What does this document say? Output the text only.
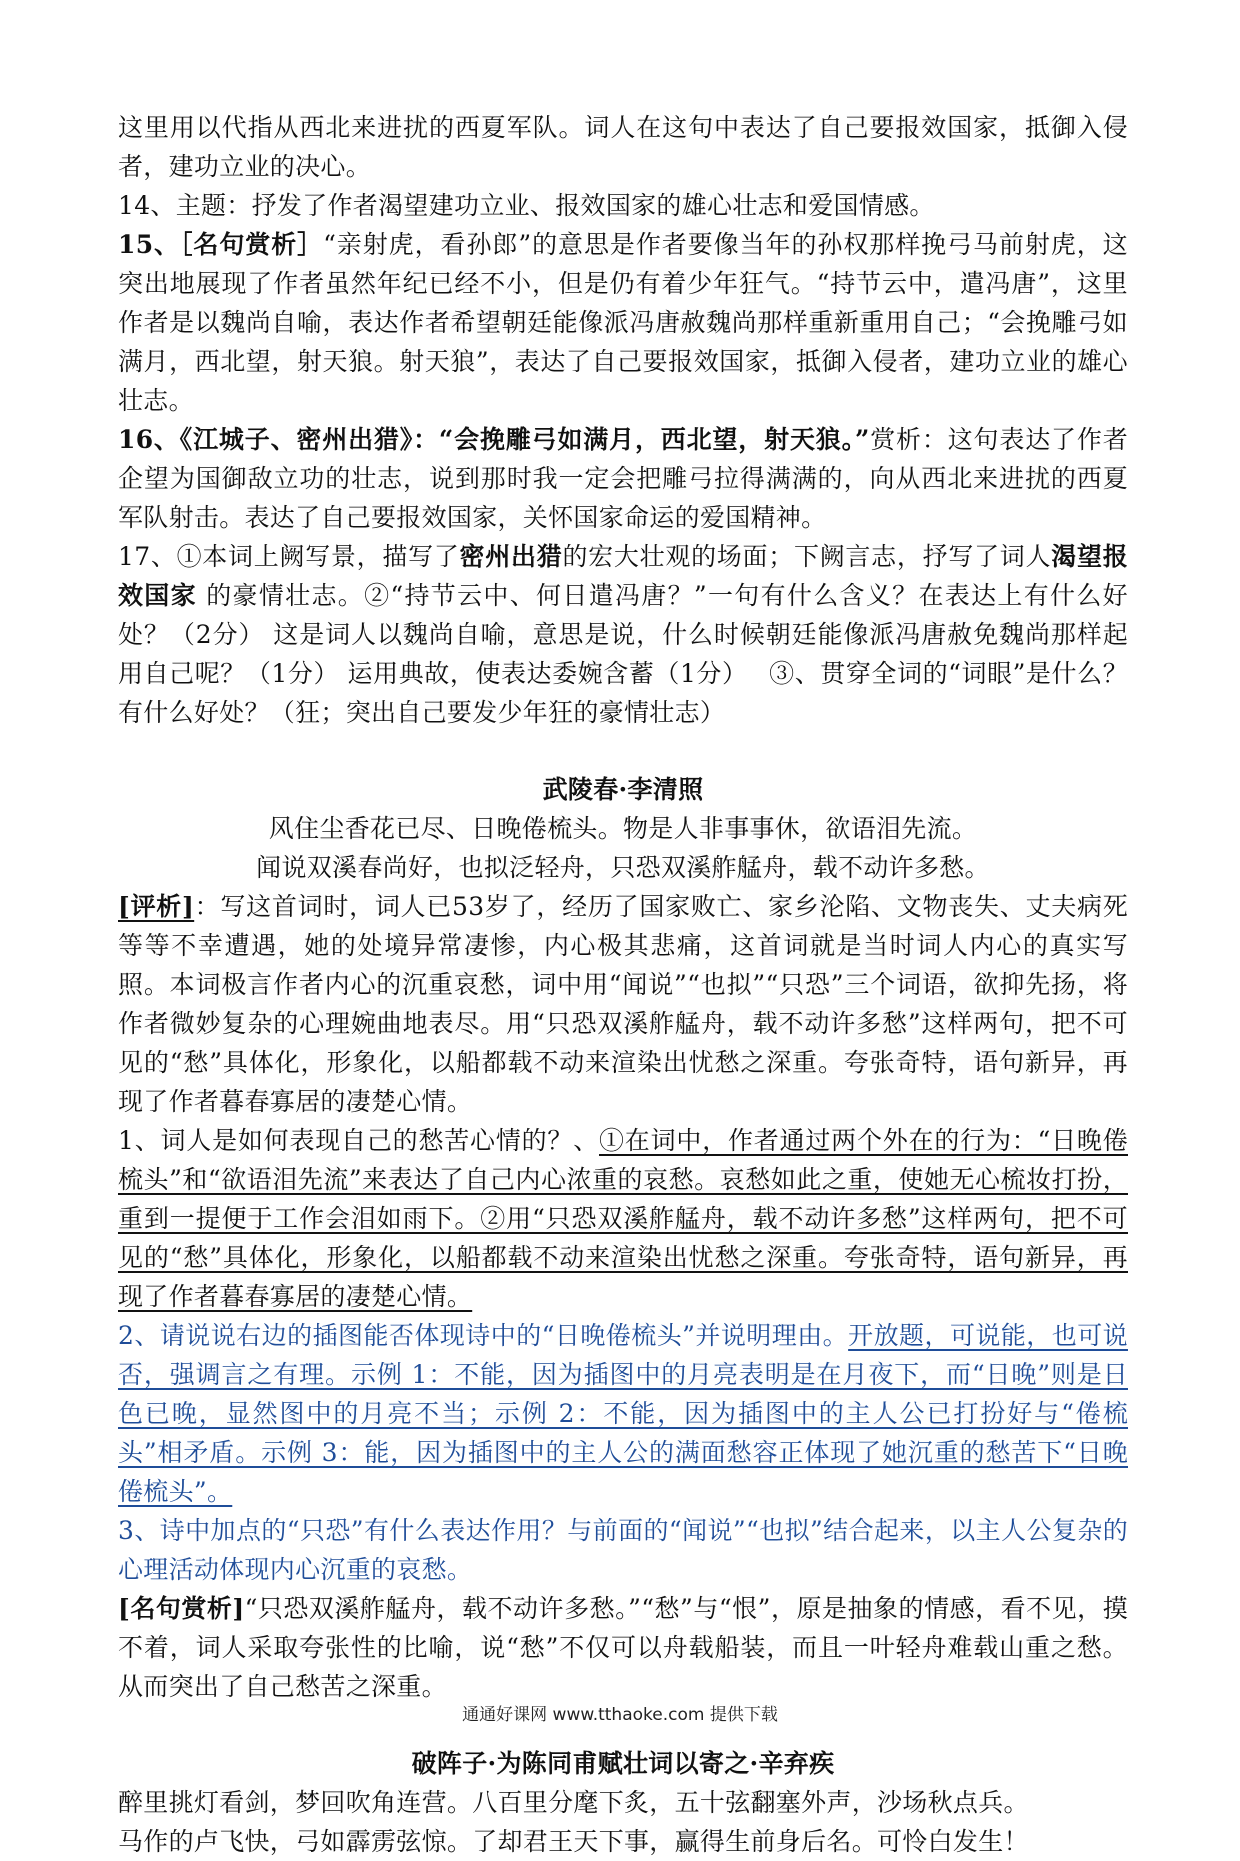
这里用以代指从西北来进扰的西夏军队。词人在这句中表达了自己要报效国家，抵御入侵者，建功立业的决心。

14、主题：抒发了作者渴望建功立业、报效国家的雄心壮志和爱国情感。

15、［名句赏析］“亲射虎，看孙郎”的意思是作者要像当年的孙权那样挽弓马前射虎，这突出地展现了作者虽然年纪已经不小，但是仍有着少年狂气。“持节云中，遣冯唐”，这里作者是以魏尚自喻，表达作者希望朝廷能像派冯唐赦魏尚那样重新重用自己；“会挽雕弓如满月，西北望，射天狼。射天狼”，表达了自己要报效国家，抵御入侵者，建功立业的雄心壮志。

16、《江城子、密州出猎》：“会挽雕弓如满月，西北望，射天狼。”赏析：这句表达了作者企望为国御敌立功的壮志，说到那时我一定会把雕弓拉得满满的，向从西北来进扰的西夏军队射击。表达了自己要报效国家，关怀国家命运的爱国精神。

17、①本词上阙写景，描写了密州出猎的宏大壮观的场面；下阙言志，抒写了词人渴望报效国家 的豪情壮志。②“持节云中、何日遣冯唐？”一句有什么含义？在表达上有什么好处？（2分） 这是词人以魏尚自喻，意思是说，什么时候朝廷能像派冯唐赦免魏尚那样起用自己呢？（1分） 运用典故，使表达委婉含蓄（1分）　 ③、贯穿全词的“词眼”是什么？有什么好处？（狂；突出自己要发少年狂的豪情壮志）

武陵春·李清照

风住尘香花已尽、日晚倦梳头。物是人非事事休，欲语泪先流。

闻说双溪春尚好，也拟泛轻舟，只恐双溪舴艋舟，载不动许多愁。

[评析]：写这首词时，词人已53岁了，经历了国家败亡、家乡沦陷、文物丧失、丈夫病死等等不幸遭遇，她的处境异常凄惨，内心极其悲痛，这首词就是当时词人内心的真实写照。本词极言作者内心的沉重哀愁，词中用“闻说”“也拟”“只恐”三个词语，欲抑先扬，将作者微妙复杂的心理婉曲地表尽。用“只恐双溪舴艋舟，载不动许多愁”这样两句，把不可见的“愁”具体化，形象化，以船都载不动来渲染出忧愁之深重。夸张奇特，语句新异，再现了作者暮春寡居的凄楚心情。

1、词人是如何表现自己的愁苦心情的？、①在词中，作者通过两个外在的行为：“日晚倦梳头”和“欲语泪先流”来表达了自己内心浓重的哀愁。哀愁如此之重，使她无心梳妆打扮，重到一提便于工作会泪如雨下。②用“只恐双溪舴艋舟，载不动许多愁”这样两句，把不可见的“愁”具体化，形象化，以船都载不动来渲染出忧愁之深重。夸张奇特，语句新异，再现了作者暮春寡居的凄楚心情。

2、请说说右边的插图能否体现诗中的“日晚倦梳头”并说明理由。开放题，可说能，也可说否，强调言之有理。示例 1：不能，因为插图中的月亮表明是在月夜下，而“日晚”则是日色已晚，显然图中的月亮不当；示例 2：不能，因为插图中的主人公已打扮好与“倦梳头”相矛盾。示例 3：能，因为插图中的主人公的满面愁容正体现了她沉重的愁苦下“日晚倦梳头”。

3、诗中加点的“只恐”有什么表达作用？与前面的“闻说”“也拟”结合起来，以主人公复杂的心理活动体现内心沉重的哀愁。

[名句赏析]“只恐双溪舴艋舟，载不动许多愁。”“愁”与“恨”，原是抽象的情感，看不见，摸不着，词人采取夸张性的比喻，说“愁”不仅可以舟载船装，而且一叶轻舟难载山重之愁。从而突出了自己愁苦之深重。

破阵子·为陈同甫赋壮词以寄之·辛弃疾

醉里挑灯看剑，梦回吹角连营。八百里分麾下炙，五十弦翻塞外声，沙场秋点兵。

马作的卢飞快，弓如霹雳弦惊。了却君王天下事，赢得生前身后名。可怜白发生！

通通好课网 www.tthaoke.com 提供下载
